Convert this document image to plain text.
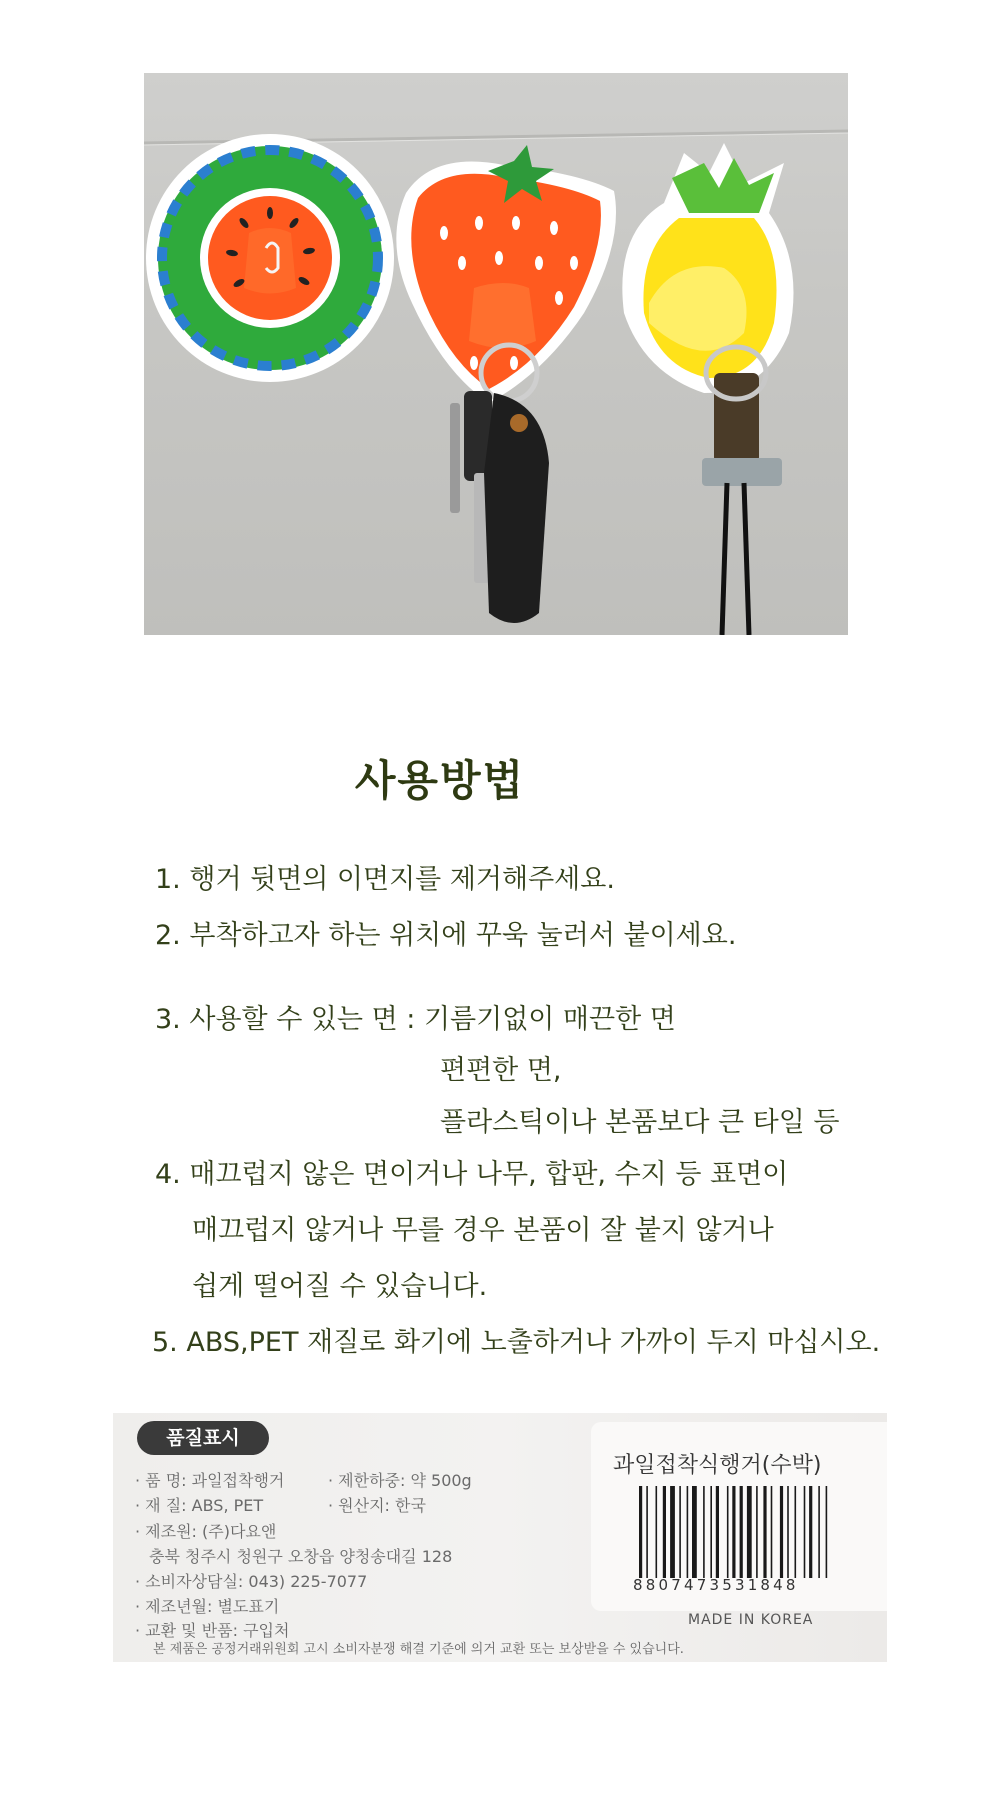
사용방법
1. 행거 뒷면의 이면지를 제거해주세요.
2. 부착하고자 하는 위치에 꾸욱 눌러서 붙이세요.
3. 사용할 수 있는 면 : 기름기없이 매끈한 면
편편한 면,
플라스틱이나 본품보다 큰 타일 등
4. 매끄럽지 않은 면이거나 나무, 합판, 수지 등 표면이
매끄럽지 않거나 무를 경우 본품이 잘 붙지 않거나
쉽게 떨어질 수 있습니다.
5. ABS,PET 재질로 화기에 노출하거나 가까이 두지 마십시오.
품질표시
· 품 명: 과일접착행거	· 제한하중: 약 500g
· 재 질: ABS, PET	· 원산지: 한국
· 제조원: (주)다요앤
충북 청주시 청원구 오창읍 양청송대길 128
· 소비자상담실: 043) 225-7077
· 제조년월: 별도표기
· 교환 및 반품: 구입처
과일접착식행거(수박)
8807473531848
MADE IN KOREA
본 제품은 공정거래위원회 고시 소비자분쟁 해결 기준에 의거 교환 또는 보상받을 수 있습니다.
